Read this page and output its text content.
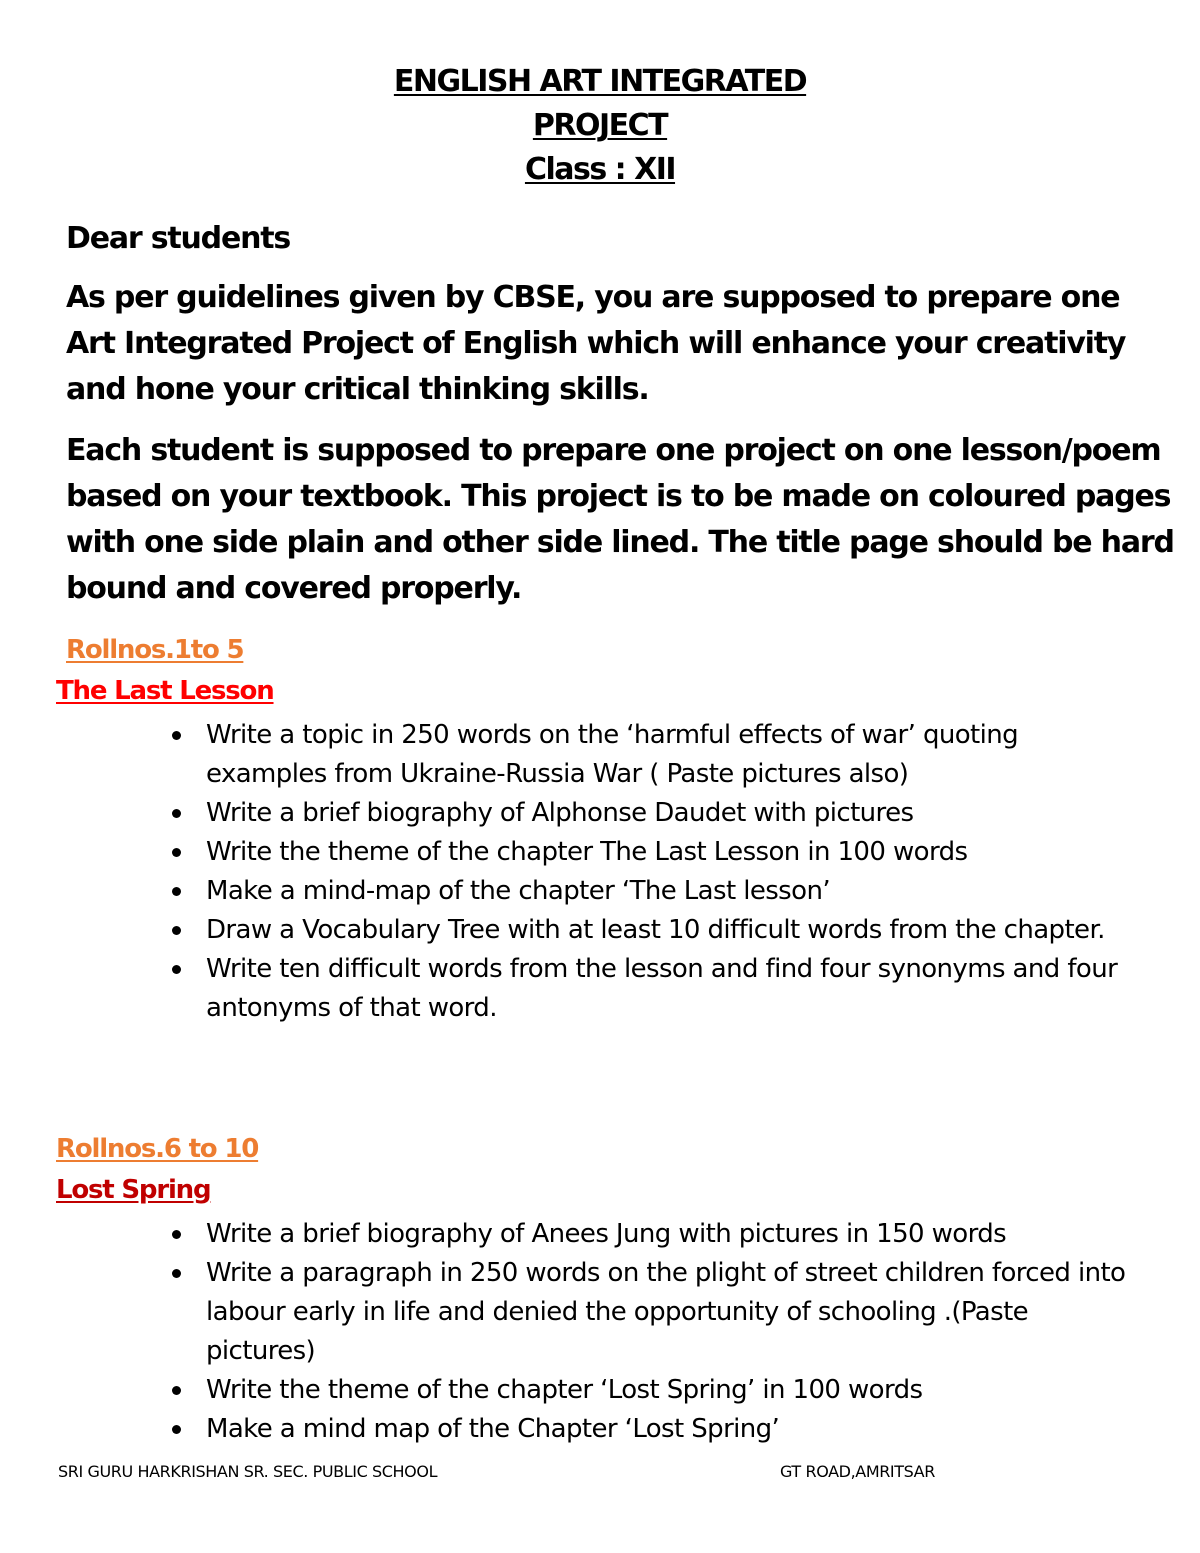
ENGLISH ART INTEGRATED
PROJECT
Class : XII

Dear students

As per guidelines given by CBSE, you are supposed to prepare one Art Integrated Project of English which will enhance your creativity and hone your critical thinking skills.

Each student is supposed to prepare one project on one lesson/poem based on your textbook. This project is to be made on coloured pages with one side plain and other side lined. The title page should be hard bound and covered properly.

Rollnos.1to 5
The Last Lesson
Write a topic in 250 words on the ‘harmful effects of war’ quoting examples from Ukraine-Russia War ( Paste pictures also)
Write a brief biography of Alphonse Daudet with pictures
Write the theme of the chapter The Last Lesson in 100 words
Make a mind-map of the chapter ‘The Last lesson’
Draw a Vocabulary Tree with at least 10 difficult words from the chapter.
Write ten difficult words from the lesson and find four synonyms and four antonyms of that word.
Rollnos.6 to 10
Lost Spring
Write a brief biography of Anees Jung with pictures in 150 words
Write a paragraph in 250 words on the plight of street children forced into labour early in life and denied the opportunity of schooling .(Paste pictures)
Write the theme of the chapter ‘Lost Spring’ in 100 words
Make a mind map of the Chapter ‘Lost Spring’
SRI GURU HARKRISHAN SR. SEC. PUBLIC SCHOOL	GT ROAD,AMRITSAR
